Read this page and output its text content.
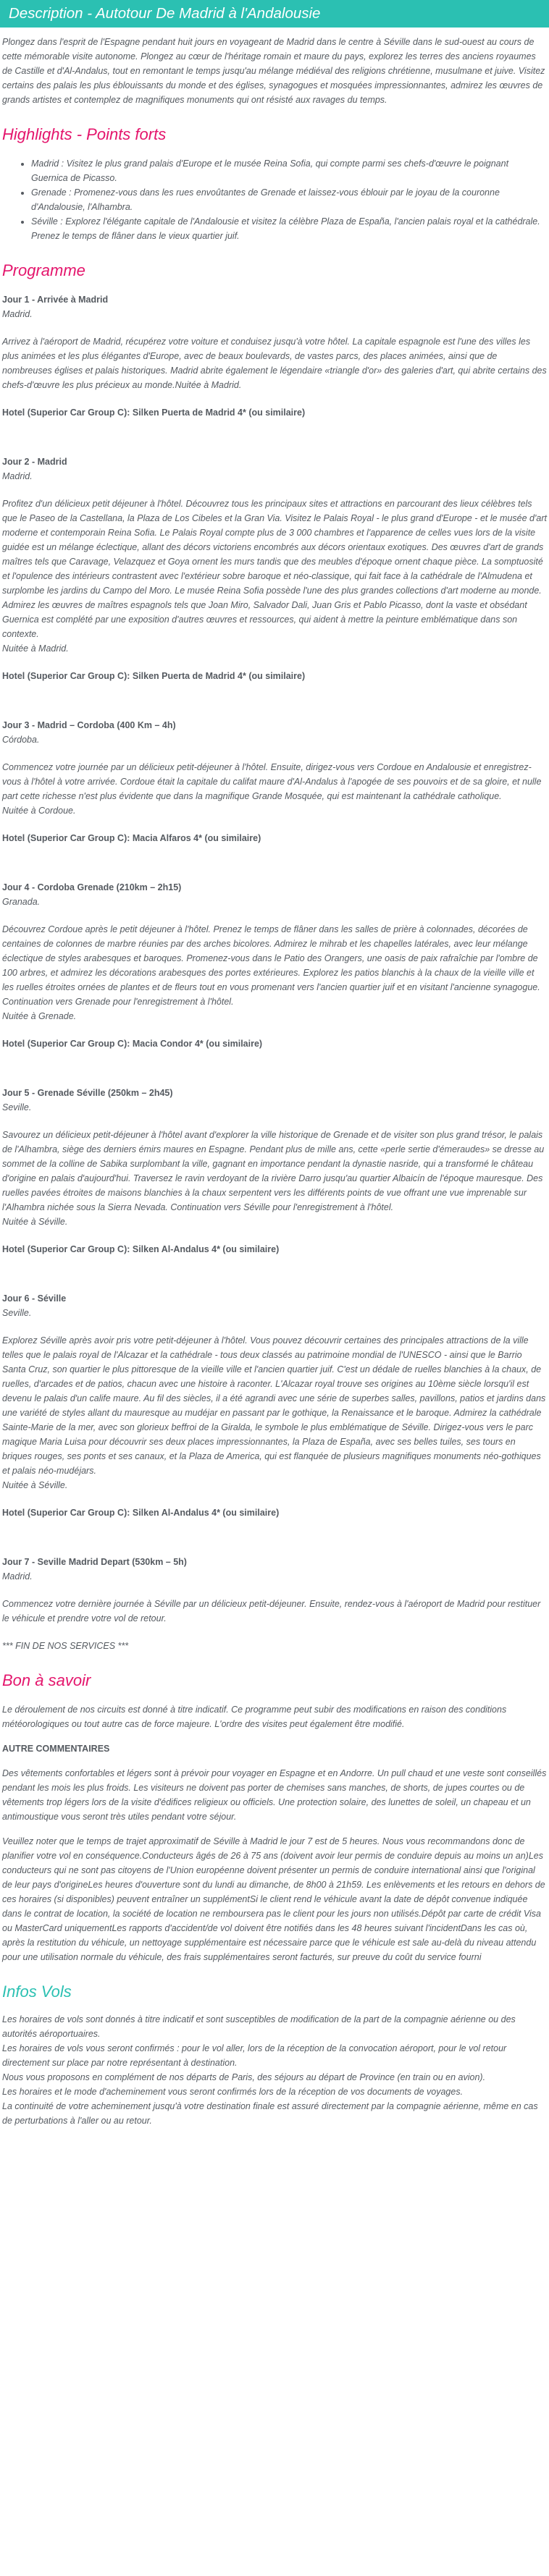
Description - Autotour De Madrid à l'Andalousie

Plongez dans l'esprit de l'Espagne pendant huit jours en voyageant de Madrid dans le centre à Séville dans le sud-ouest au cours de cette mémorable visite autonome. Plongez au cœur de l'héritage romain et maure du pays, explorez les terres des anciens royaumes de Castille et d'Al-Andalus, tout en remontant le temps jusqu'au mélange médiéval des religions chrétienne, musulmane et juive. Visitez certains des palais les plus éblouissants du monde et des églises, synagogues et mosquées impressionnantes, admirez les œuvres de grands artistes et contemplez de magnifiques monuments qui ont résisté aux ravages du temps.

Highlights - Points forts
• Madrid : Visitez le plus grand palais d'Europe et le musée Reina Sofia, qui compte parmi ses chefs-d'œuvre le poignant Guernica de Picasso.
• Grenade : Promenez-vous dans les rues envoûtantes de Grenade et laissez-vous éblouir par le joyau de la couronne d'Andalousie, l'Alhambra.
• Séville : Explorez l'élégante capitale de l'Andalousie et visitez la célèbre Plaza de España, l'ancien palais royal et la cathédrale. Prenez le temps de flâner dans le vieux quartier juif.
Programme

Jour 1 - Arrivée à Madrid

Madrid.

Arrivez à l'aéroport de Madrid, récupérez votre voiture et conduisez jusqu'à votre hôtel. La capitale espagnole est l'une des villes les plus animées et les plus élégantes d'Europe, avec de beaux boulevards, de vastes parcs, des places animées, ainsi que de nombreuses églises et palais historiques. Madrid abrite également le légendaire «triangle d'or» des galeries d'art, qui abrite certains des chefs-d'œuvre les plus précieux au monde.Nuitée à Madrid.

Hotel (Superior Car Group C): Silken Puerta de Madrid 4* (ou similaire)

Jour 2 - Madrid

Madrid.

Profitez d'un délicieux petit déjeuner à l'hôtel. Découvrez tous les principaux sites et attractions en parcourant des lieux célèbres tels que le Paseo de la Castellana, la Plaza de Los Cibeles et la Gran Via. Visitez le Palais Royal - le plus grand d'Europe - et le musée d'art moderne et contemporain Reina Sofia. Le Palais Royal compte plus de 3 000 chambres et l'apparence de celles vues lors de la visite guidée est un mélange éclectique, allant des décors victoriens encombrés aux décors orientaux exotiques. Des œuvres d'art de grands maîtres tels que Caravage, Velazquez et Goya ornent les murs tandis que des meubles d'époque ornent chaque pièce. La somptuosité et l'opulence des intérieurs contrastent avec l'extérieur sobre baroque et néo-classique, qui fait face à la cathédrale de l'Almudena et surplombe les jardins du Campo del Moro. Le musée Reina Sofia possède l'une des plus grandes collections d'art moderne au monde. Admirez les œuvres de maîtres espagnols tels que Joan Miro, Salvador Dali, Juan Gris et Pablo Picasso, dont la vaste et obsédant Guernica est complété par une exposition d'autres œuvres et ressources, qui aident à mettre la peinture emblématique dans son contexte.

Nuitée à Madrid.

Hotel (Superior Car Group C): Silken Puerta de Madrid 4* (ou similaire)

Jour 3 - Madrid – Cordoba (400 Km – 4h)

Córdoba.

Commencez votre journée par un délicieux petit-déjeuner à l'hôtel. Ensuite, dirigez-vous vers Cordoue en Andalousie et enregistrez-vous à l'hôtel à votre arrivée. Cordoue était la capitale du califat maure d'Al-Andalus à l'apogée de ses pouvoirs et de sa gloire, et nulle part cette richesse n'est plus évidente que dans la magnifique Grande Mosquée, qui est maintenant la cathédrale catholique.

Nuitée à Cordoue.

Hotel (Superior Car Group C): Macia Alfaros 4* (ou similaire)

Jour 4 - Cordoba Grenade (210km – 2h15)

Granada.

Découvrez Cordoue après le petit déjeuner à l'hôtel. Prenez le temps de flâner dans les salles de prière à colonnades, décorées de centaines de colonnes de marbre réunies par des arches bicolores. Admirez le mihrab et les chapelles latérales, avec leur mélange éclectique de styles arabesques et baroques. Promenez-vous dans le Patio des Orangers, une oasis de paix rafraîchie par l'ombre de 100 arbres, et admirez les décorations arabesques des portes extérieures. Explorez les patios blanchis à la chaux de la vieille ville et les ruelles étroites ornées de plantes et de fleurs tout en vous promenant vers l'ancien quartier juif et en visitant l'ancienne synagogue. Continuation vers Grenade pour l'enregistrement à l'hôtel.

Nuitée à Grenade.

Hotel (Superior Car Group C): Macia Condor 4* (ou similaire)

Jour 5 - Grenade Séville (250km – 2h45)

Seville.

Savourez un délicieux petit-déjeuner à l'hôtel avant d'explorer la ville historique de Grenade et de visiter son plus grand trésor, le palais de l'Alhambra, siège des derniers émirs maures en Espagne. Pendant plus de mille ans, cette «perle sertie d'émeraudes» se dresse au sommet de la colline de Sabika surplombant la ville, gagnant en importance pendant la dynastie nasride, qui a transformé le château d'origine en palais d'aujourd'hui. Traversez le ravin verdoyant de la rivière Darro jusqu'au quartier Albaicín de l'époque mauresque. Des ruelles pavées étroites de maisons blanchies à la chaux serpentent vers les différents points de vue offrant une vue imprenable sur l'Alhambra nichée sous la Sierra Nevada. Continuation vers Séville pour l'enregistrement à l'hôtel.

Nuitée à Séville.

Hotel (Superior Car Group C): Silken Al-Andalus 4* (ou similaire)

Jour 6 - Séville

Seville.

Explorez Séville après avoir pris votre petit-déjeuner à l'hôtel. Vous pouvez découvrir certaines des principales attractions de la ville telles que le palais royal de l'Alcazar et la cathédrale - tous deux classés au patrimoine mondial de l'UNESCO - ainsi que le Barrio Santa Cruz, son quartier le plus pittoresque de la vieille ville et l'ancien quartier juif. C'est un dédale de ruelles blanchies à la chaux, de ruelles, d'arcades et de patios, chacun avec une histoire à raconter. L'Alcazar royal trouve ses origines au 10ème siècle lorsqu'il est devenu le palais d'un calife maure. Au fil des siècles, il a été agrandi avec une série de superbes salles, pavillons, patios et jardins dans une variété de styles allant du mauresque au mudéjar en passant par le gothique, la Renaissance et le baroque. Admirez la cathédrale Sainte-Marie de la mer, avec son glorieux beffroi de la Giralda, le symbole le plus emblématique de Séville. Dirigez-vous vers le parc magique Maria Luisa pour découvrir ses deux places impressionnantes, la Plaza de España, avec ses belles tuiles, ses tours en briques rouges, ses ponts et ses canaux, et la Plaza de America, qui est flanquée de plusieurs magnifiques monuments néo-gothiques et palais néo-mudéjars.

Nuitée à Séville.

Hotel (Superior Car Group C): Silken Al-Andalus 4* (ou similaire)

Jour 7 - Seville Madrid Depart (530km – 5h)

Madrid.

Commencez votre dernière journée à Séville par un délicieux petit-déjeuner. Ensuite, rendez-vous à l'aéroport de Madrid pour restituer le véhicule et prendre votre vol de retour.

*** FIN DE NOS SERVICES ***

Bon à savoir

Le déroulement de nos circuits est donné à titre indicatif. Ce programme peut subir des modifications en raison des conditions météorologiques ou tout autre cas de force majeure. L'ordre des visites peut également être modifié.

AUTRE COMMENTAIRES

Des vêtements confortables et légers sont à prévoir pour voyager en Espagne et en Andorre. Un pull chaud et une veste sont conseillés pendant les mois les plus froids. Les visiteurs ne doivent pas porter de chemises sans manches, de shorts, de jupes courtes ou de vêtements trop légers lors de la visite d'édifices religieux ou officiels. Une protection solaire, des lunettes de soleil, un chapeau et un antimoustique vous seront très utiles pendant votre séjour.

Veuillez noter que le temps de trajet approximatif de Séville à Madrid le jour 7 est de 5 heures. Nous vous recommandons donc de planifier votre vol en conséquence.Conducteurs âgés de 26 à 75 ans (doivent avoir leur permis de conduire depuis au moins un an)Les conducteurs qui ne sont pas citoyens de l'Union européenne doivent présenter un permis de conduire international ainsi que l'original de leur pays d'origineLes heures d'ouverture sont du lundi au dimanche, de 8h00 à 21h59. Les enlèvements et les retours en dehors de ces horaires (si disponibles) peuvent entraîner un supplémentSi le client rend le véhicule avant la date de dépôt convenue indiquée dans le contrat de location, la société de location ne remboursera pas le client pour les jours non utilisés.Dépôt par carte de crédit Visa ou MasterCard uniquementLes rapports d'accident/de vol doivent être notifiés dans les 48 heures suivant l'incidentDans les cas où, après la restitution du véhicule, un nettoyage supplémentaire est nécessaire parce que le véhicule est sale au-delà du niveau attendu pour une utilisation normale du véhicule, des frais supplémentaires seront facturés, sur preuve du coût du service fourni

Infos Vols

Les horaires de vols sont donnés à titre indicatif et sont susceptibles de modification de la part de la compagnie aérienne ou des autorités aéroportuaires.

Les horaires de vols vous seront confirmés : pour le vol aller, lors de la réception de la convocation aéroport, pour le vol retour directement sur place par notre représentant à destination.

Nous vous proposons en complément de nos départs de Paris, des séjours au départ de Province (en train ou en avion).

Les horaires et le mode d'acheminement vous seront confirmés lors de la réception de vos documents de voyages.

La continuité de votre acheminement jusqu'à votre destination finale est assuré directement par la compagnie aérienne, même en cas de perturbations à l'aller ou au retour.
